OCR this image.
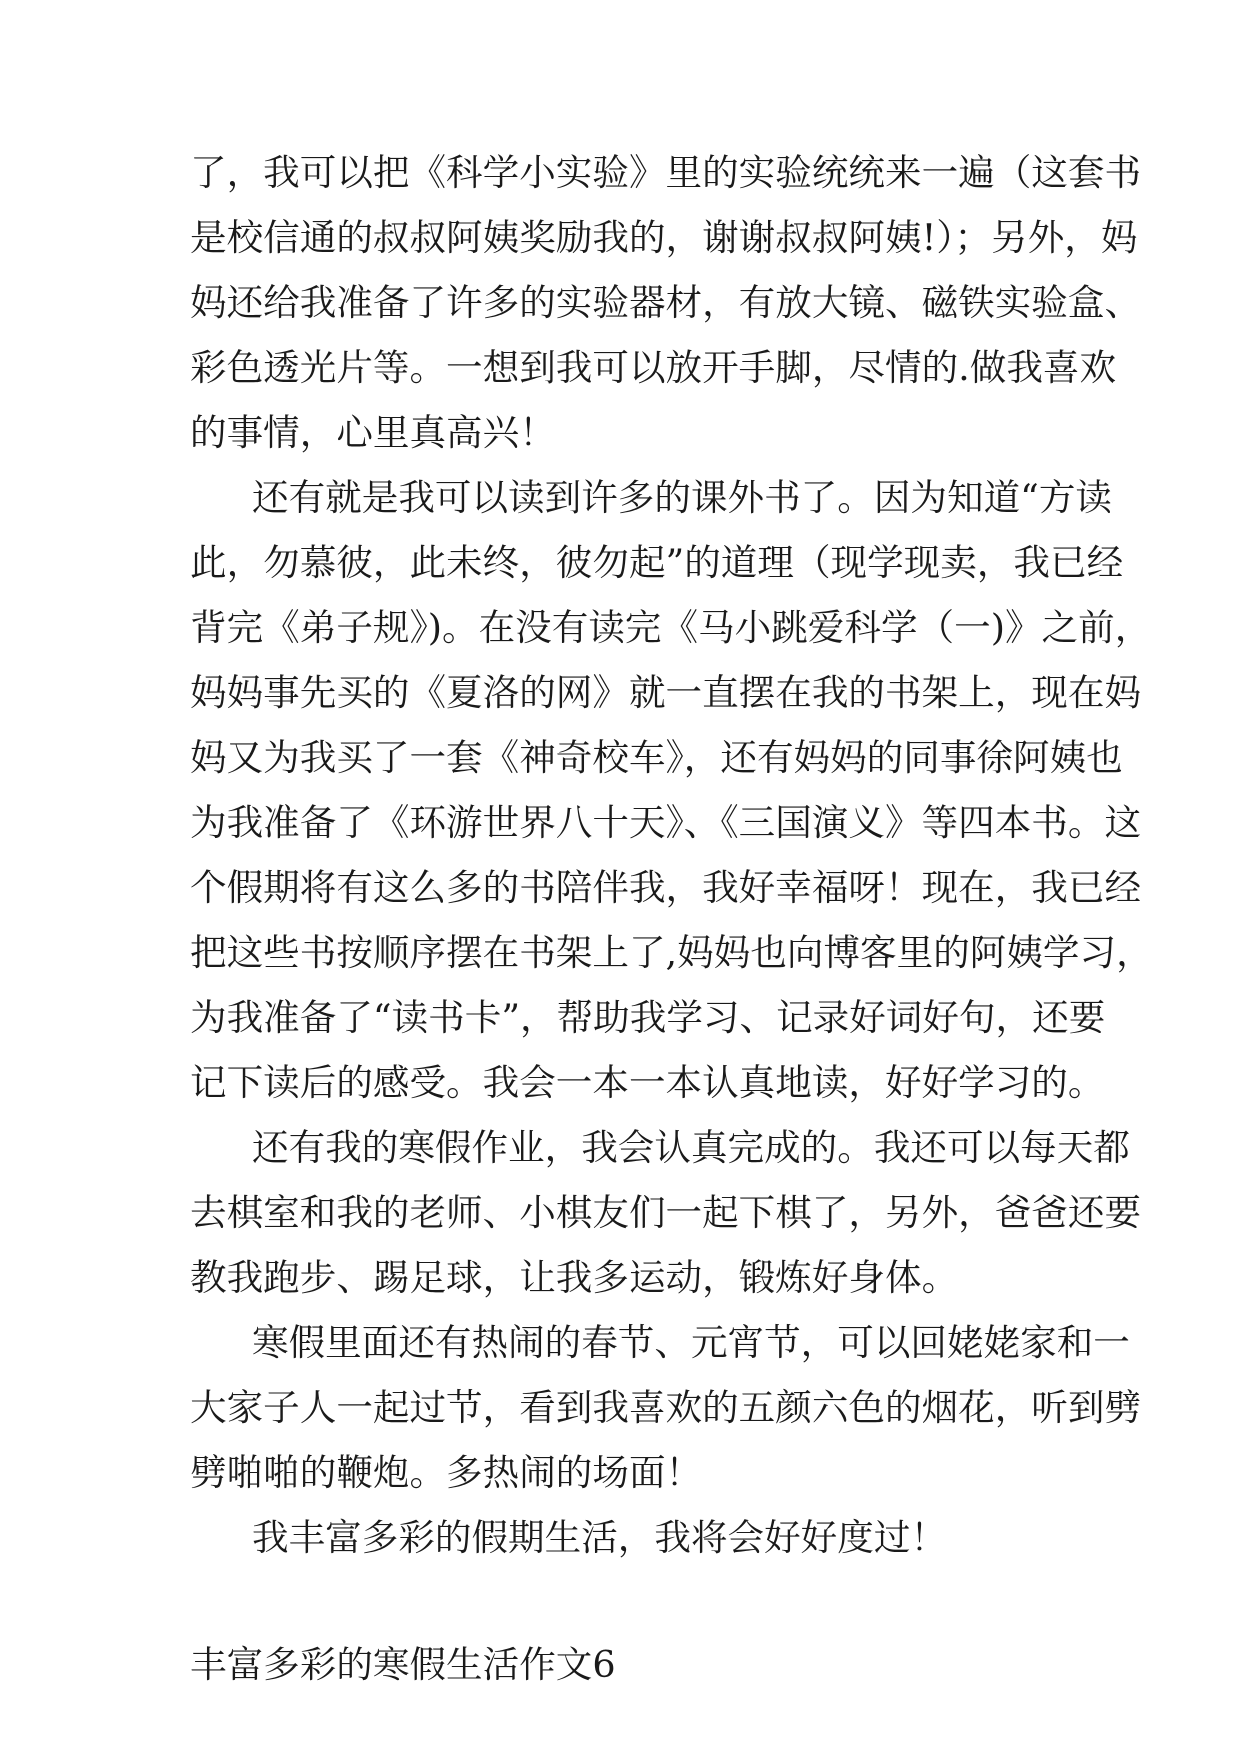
了，我可以把《科学小实验》里的实验统统来一遍（这套书
是校信通的叔叔阿姨奖励我的，谢谢叔叔阿姨!）；另外，妈
妈还给我准备了许多的实验器材，有放大镜、磁铁实验盒、
彩色透光片等。一想到我可以放开手脚，尽情的.做我喜欢
的事情，心里真高兴！
还有就是我可以读到许多的课外书了。因为知道“方读
此，勿慕彼，此未终，彼勿起”的道理（现学现卖，我已经
背完《弟子规》)。在没有读完《马小跳爱科学（一)》之前，
妈妈事先买的《夏洛的网》就一直摆在我的书架上，现在妈
妈又为我买了一套《神奇校车》，还有妈妈的同事徐阿姨也
为我准备了《环游世界八十天》、《三国演义》等四本书。这
个假期将有这么多的书陪伴我，我好幸福呀！现在，我已经
把这些书按顺序摆在书架上了,妈妈也向博客里的阿姨学习，
为我准备了“读书卡”，帮助我学习、记录好词好句，还要
记下读后的感受。我会一本一本认真地读，好好学习的。
还有我的寒假作业，我会认真完成的。我还可以每天都
去棋室和我的老师、小棋友们一起下棋了，另外，爸爸还要
教我跑步、踢足球，让我多运动，锻炼好身体。
寒假里面还有热闹的春节、元宵节，可以回姥姥家和一
大家子人一起过节，看到我喜欢的五颜六色的烟花，听到劈
劈啪啪的鞭炮。多热闹的场面！
我丰富多彩的假期生活，我将会好好度过！
丰富多彩的寒假生活作文6
